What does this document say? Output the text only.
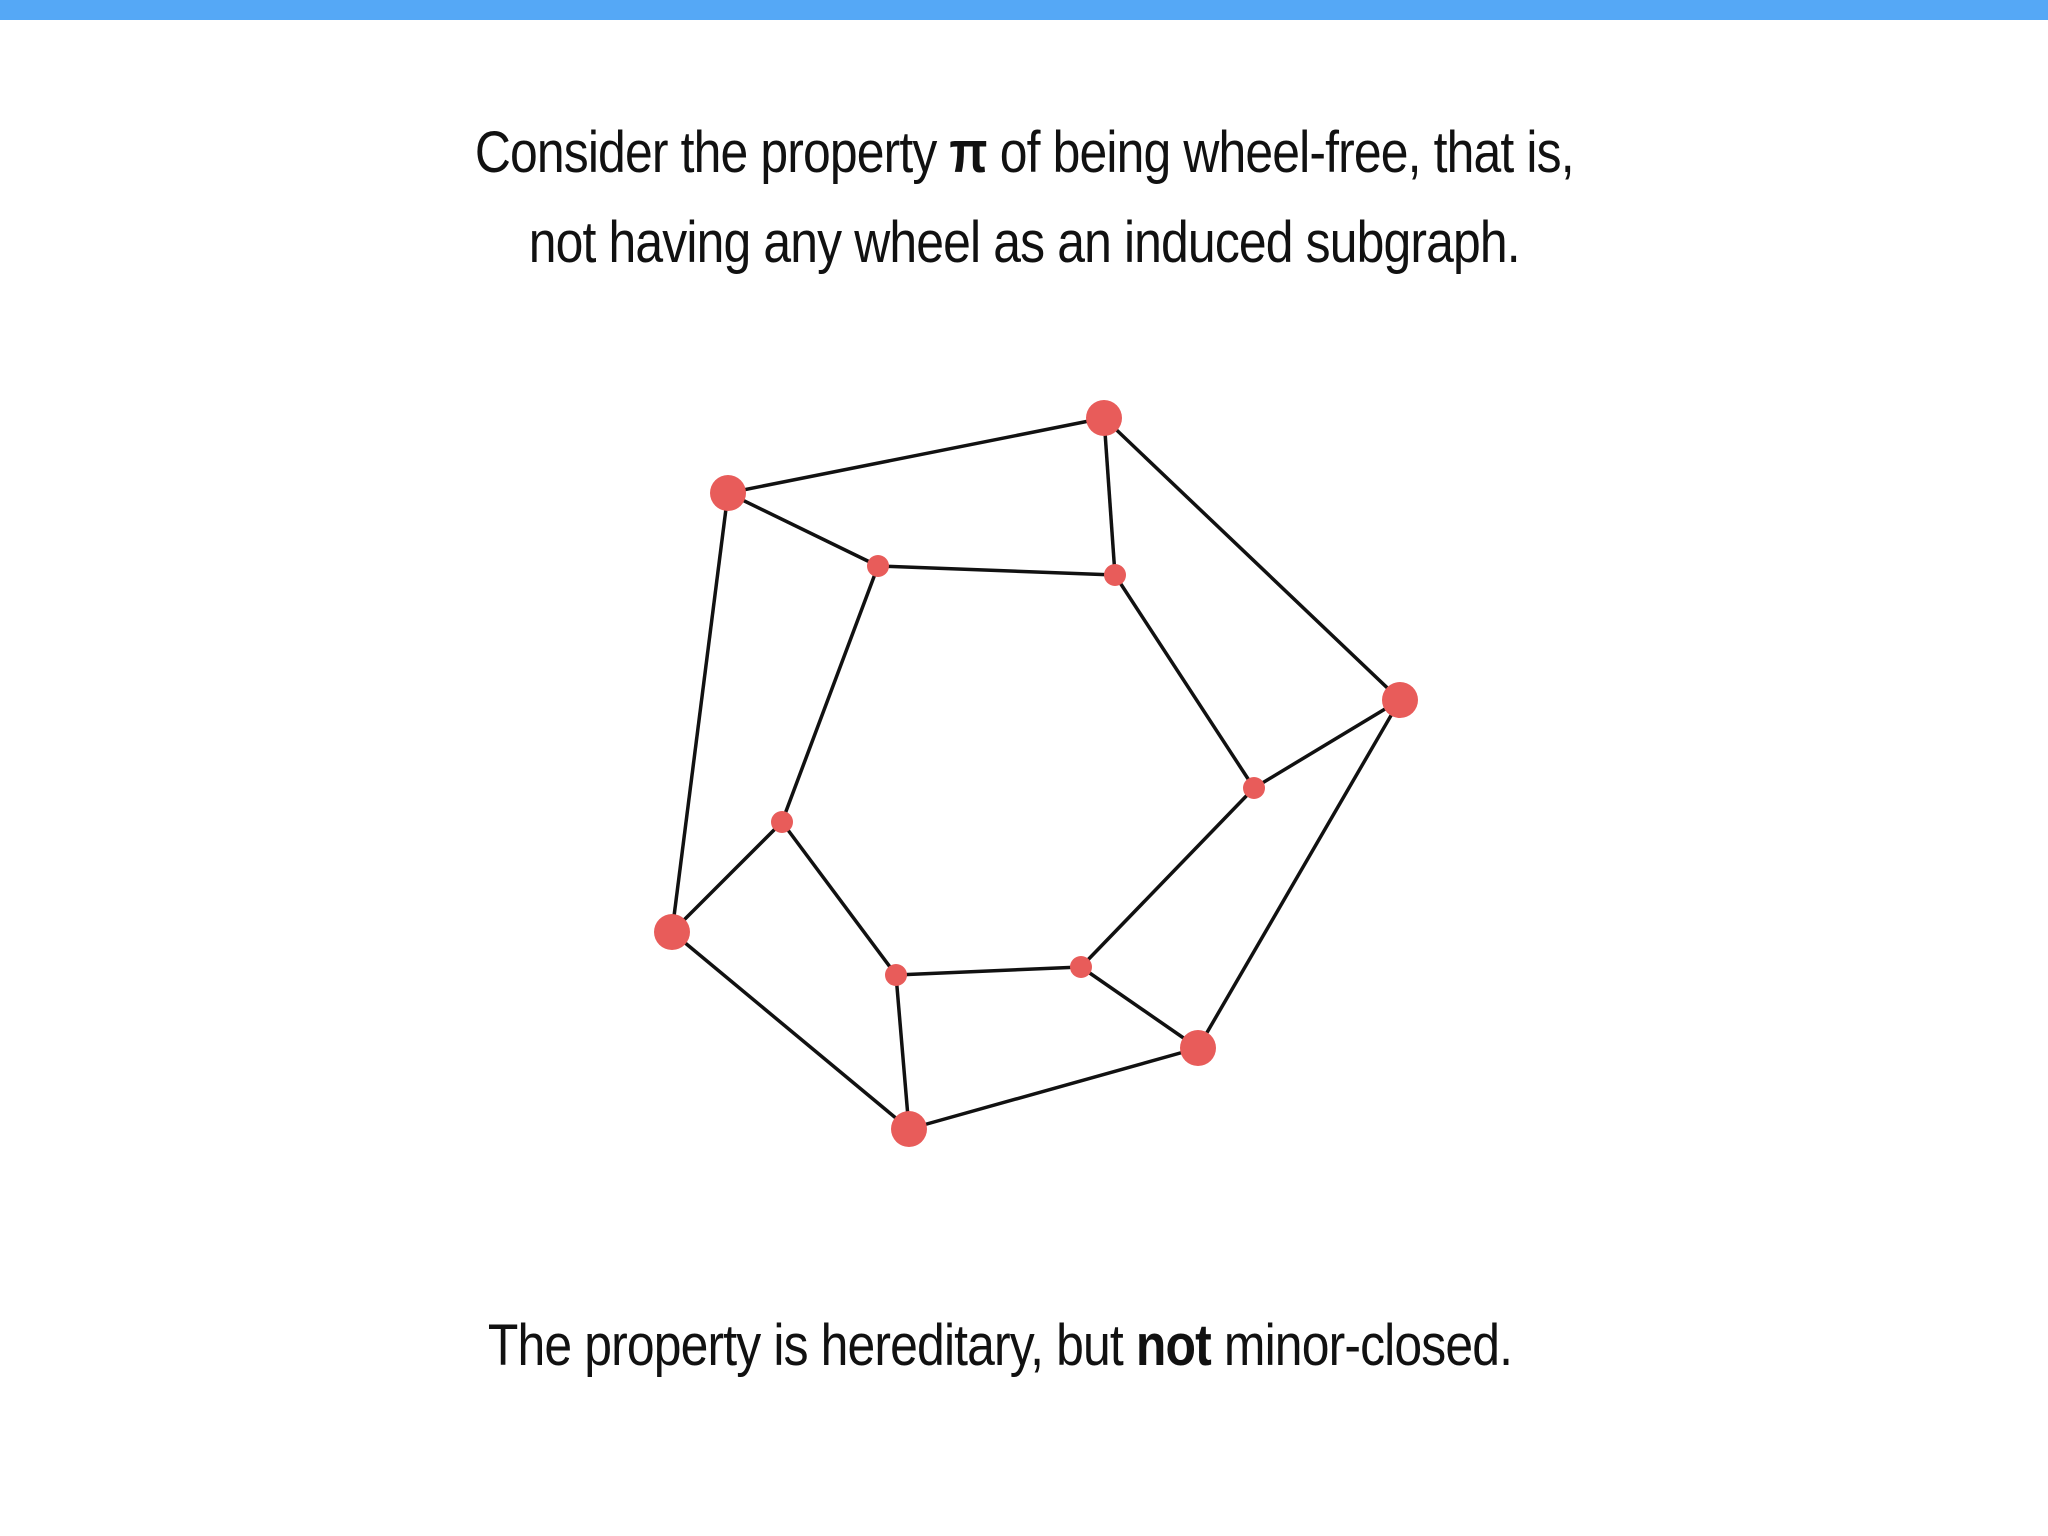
Consider the property π of being wheel-free, that is,
not having any wheel as an induced subgraph.
The property is hereditary, but not minor-closed.
